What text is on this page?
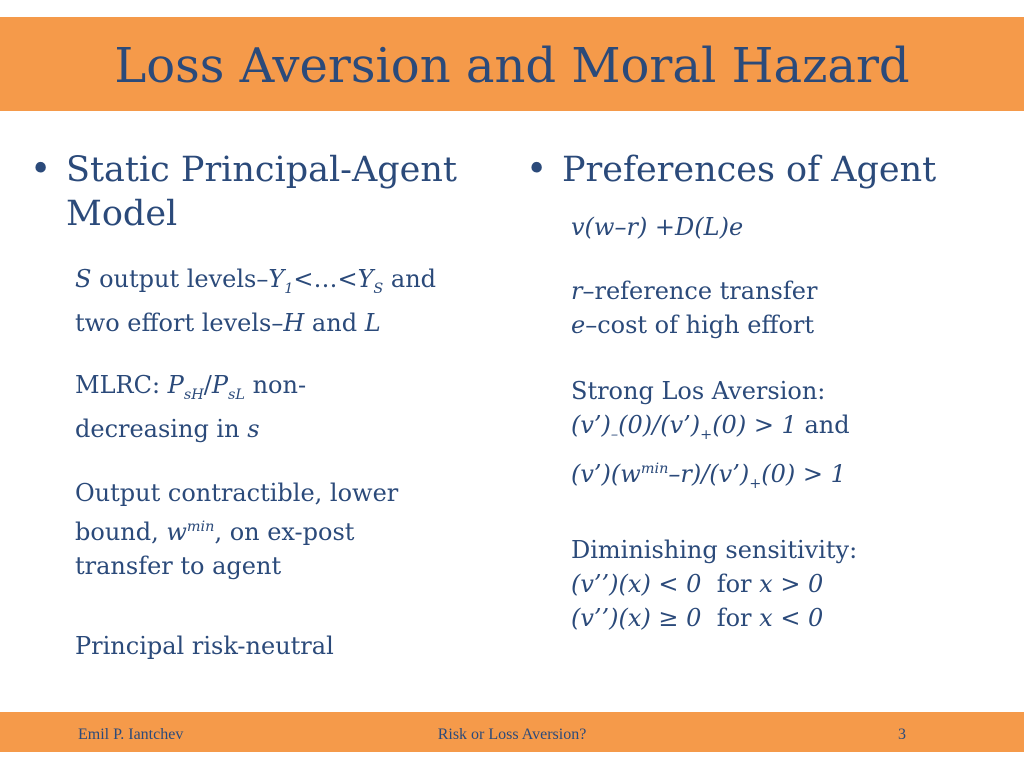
Loss Aversion and Moral Hazard
• Static Principal-Agent Model

S output levels–$Y_1<\dots<Y_S$ and

two effort levels–H and L

MLRC: $P_{sH}/P_{sL}$ non-

decreasing in s

Output contractible, lower

bound, $w^{min}$, on ex-post

transfer to agent

Principal risk-neutral

• Preferences of Agent

v(w–r) +D(L)e

r–reference transfer

e–cost of high effort

Strong Los Aversion:

$(v’)_-(0)/(v’)_+(0) > 1$ and

$(v’)(w^{min}-r)/(v’)_+(0) > 1$

Diminishing sensitivity:

(v’’)(x) < 0  for x > 0

(v’’)(x) ≥ 0  for x < 0

Emil P. Iantchev	Risk or Loss Aversion?	3
